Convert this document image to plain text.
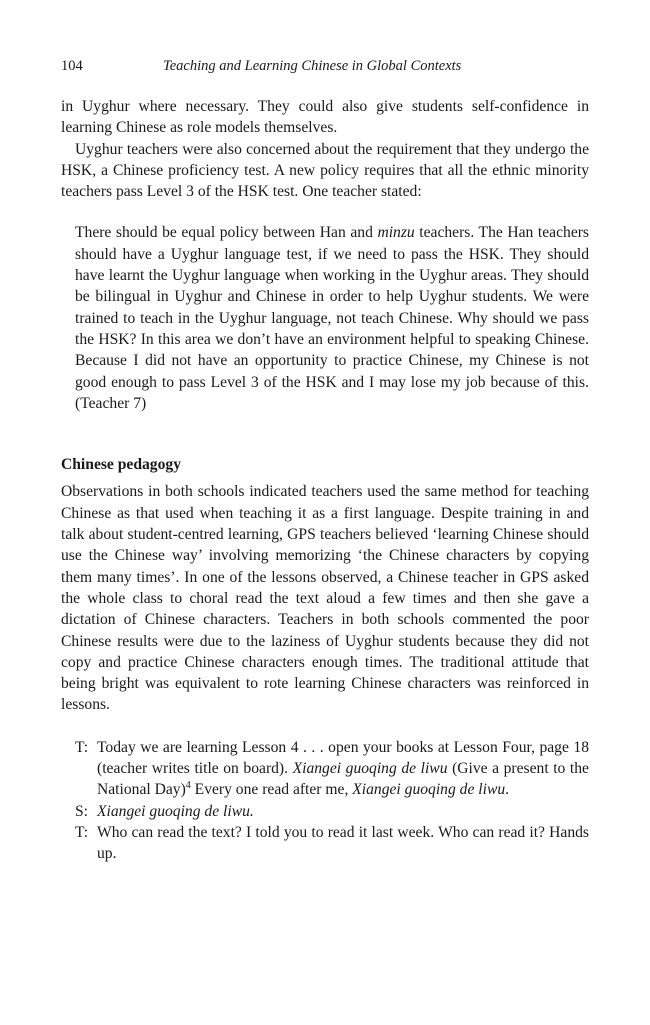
104	Teaching and Learning Chinese in Global Contexts

in Uyghur where necessary. They could also give students self-confidence in learning Chinese as role models themselves.

Uyghur teachers were also concerned about the requirement that they undergo the HSK, a Chinese proficiency test. A new policy requires that all the ethnic minority teachers pass Level 3 of the HSK test. One teacher stated:

There should be equal policy between Han and minzu teachers. The Han teachers should have a Uyghur language test, if we need to pass the HSK. They should have learnt the Uyghur language when working in the Uyghur areas. They should be bilingual in Uyghur and Chinese in order to help Uyghur students. We were trained to teach in the Uyghur language, not teach Chinese. Why should we pass the HSK? In this area we don’t have an environment helpful to speaking Chinese. Because I did not have an opportunity to practice Chinese, my Chinese is not good enough to pass Level 3 of the HSK and I may lose my job because of this. (Teacher 7)

Chinese pedagogy

Observations in both schools indicated teachers used the same method for teaching Chinese as that used when teaching it as a first language. Despite training in and talk about student-centred learning, GPS teachers believed ‘learning Chinese should use the Chinese way’ involving memorizing ‘the Chinese characters by copying them many times’. In one of the lessons observed, a Chinese teacher in GPS asked the whole class to choral read the text aloud a few times and then she gave a dictation of Chinese characters. Teachers in both schools commented the poor Chinese results were due to the laziness of Uyghur students because they did not copy and practice Chinese characters enough times. The traditional attitude that being bright was equivalent to rote learning Chinese characters was reinforced in lessons.

T: Today we are learning Lesson 4 . . . open your books at Lesson Four, page 18 (teacher writes title on board). Xiangei guoqing de liwu (Give a present to the National Day)$^4$ Every one read after me, Xiangei guoqing de liwu.
S: Xiangei guoqing de liwu.
T: Who can read the text? I told you to read it last week. Who can read it? Hands up.
